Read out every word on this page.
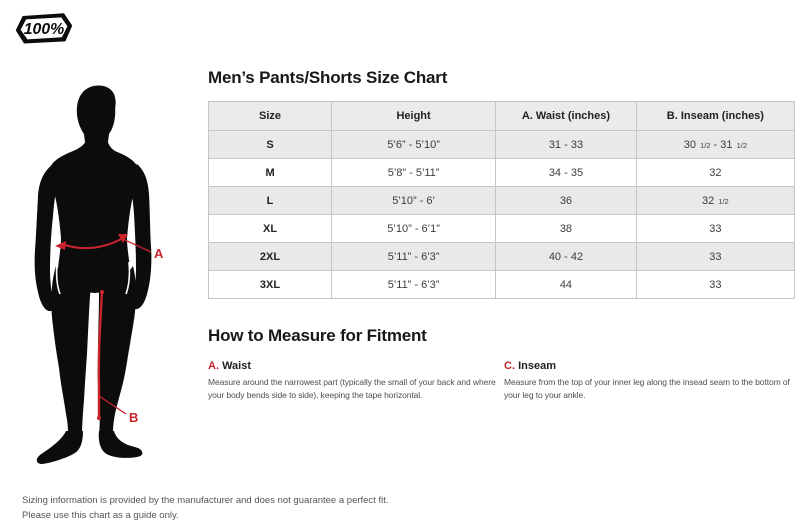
100%
A
B
Men’s Pants/Shorts Size Chart
Size	Height	A. Waist (inches)	B. Inseam (inches)
S	5’6” - 5’10”	31 - 33	30 1/2 - 31 1/2
M	5’8” - 5’11”	34 - 35	32
L	5’10” - 6’	36	32 1/2
XL	5’10” - 6’1”	38	33
2XL	5’11” - 6’3”	40 - 42	33
3XL	5’11” - 6’3”	44	33
How to Measure for Fitment
A. Waist

Measure around the narrowest part (typically the small of your back and where your body bends side to side), keeping the tape horizontal.

C. Inseam

Measure from the top of your inner leg along the insead seam to the bottom of your leg to your ankle.

Sizing information is provided by the manufacturer and does not guarantee a perfect fit.
Please use this chart as a guide only.
